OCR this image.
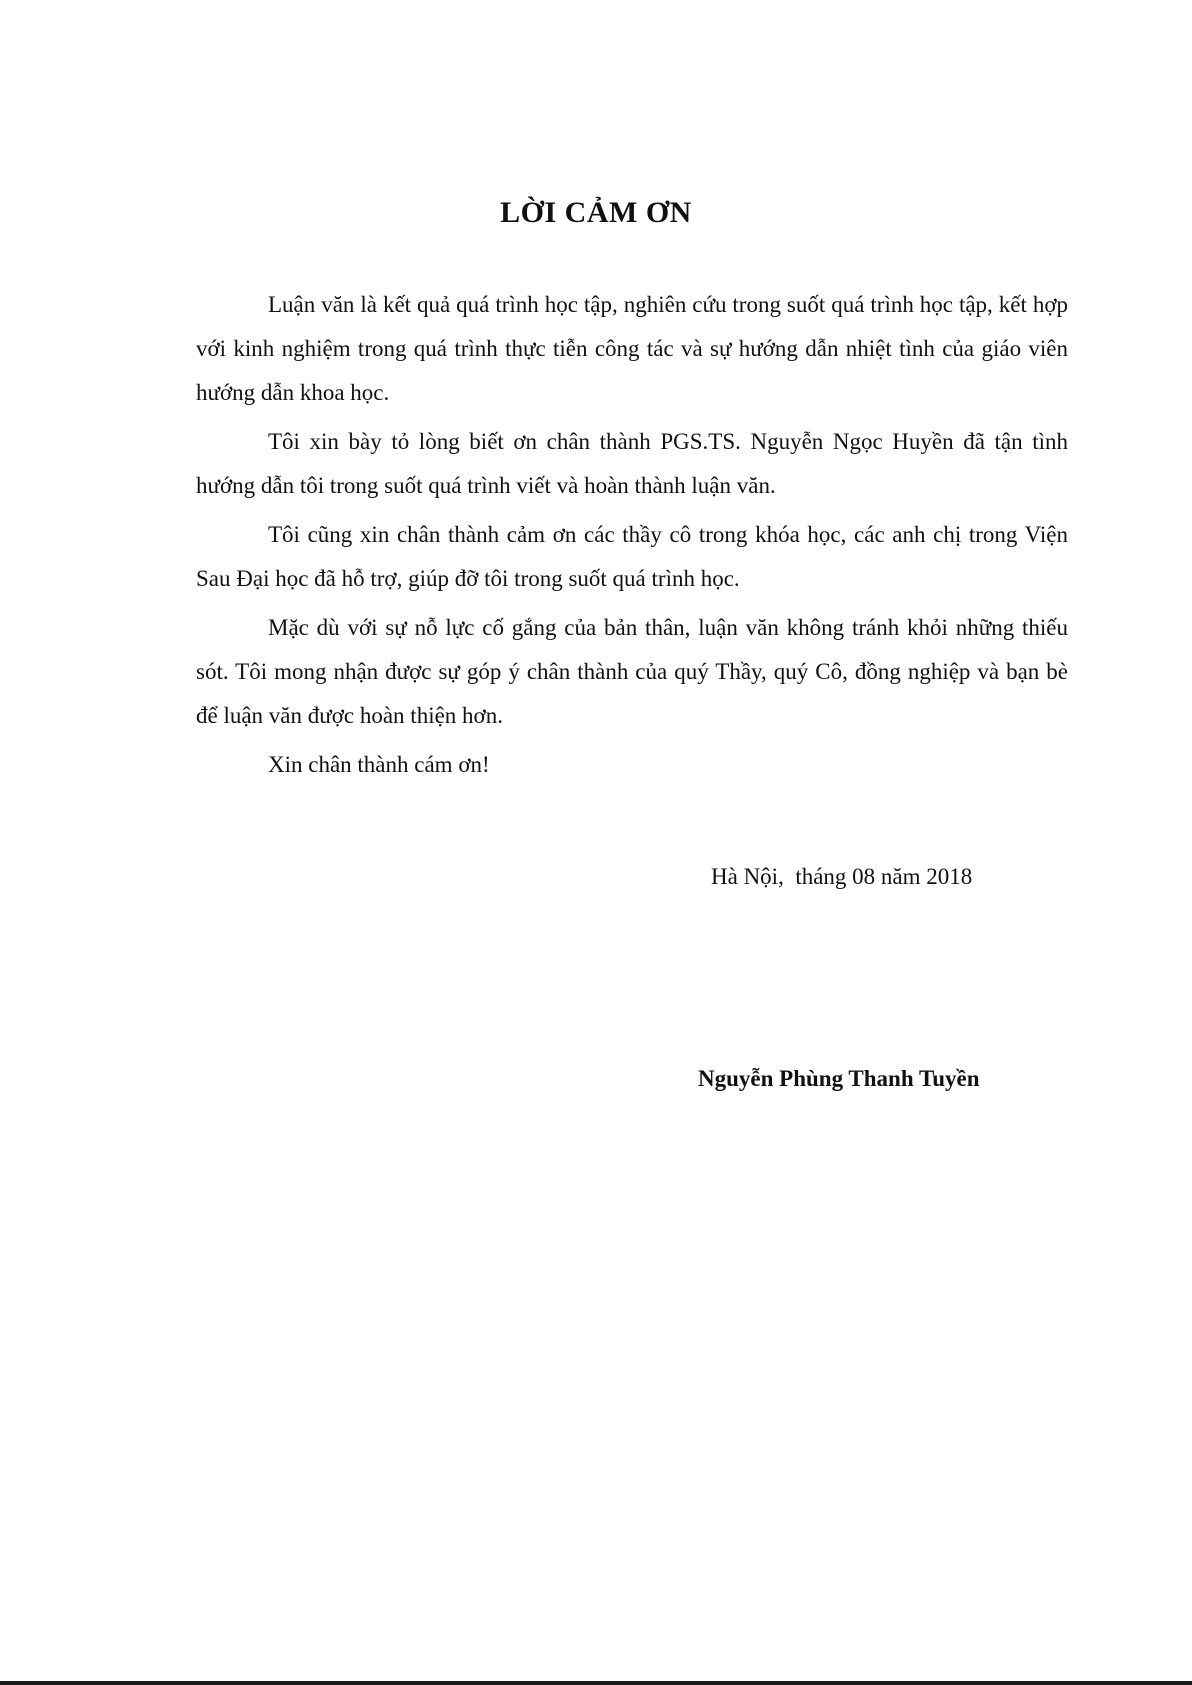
LỜI CẢM ƠN

Luận văn là kết quả quá trình học tập, nghiên cứu trong suốt quá trình học tập, kết hợp với kinh nghiệm trong quá trình thực tiễn công tác và sự hướng dẫn nhiệt tình của giáo viên hướng dẫn khoa học.

Tôi xin bày tỏ lòng biết ơn chân thành PGS.TS. Nguyễn Ngọc Huyền đã tận tình hướng dẫn tôi trong suốt quá trình viết và hoàn thành luận văn.

Tôi cũng xin chân thành cảm ơn các thầy cô trong khóa học, các anh chị trong Viện Sau Đại học đã hỗ trợ, giúp đỡ tôi trong suốt quá trình học.

Mặc dù với sự nỗ lực cố gắng của bản thân, luận văn không tránh khỏi những thiếu sót. Tôi mong nhận được sự góp ý chân thành của quý Thầy, quý Cô, đồng nghiệp và bạn bè để luận văn được hoàn thiện hơn.

Xin chân thành cám ơn!

Hà Nội,  tháng 08 năm 2018
Nguyễn Phùng Thanh Tuyền
